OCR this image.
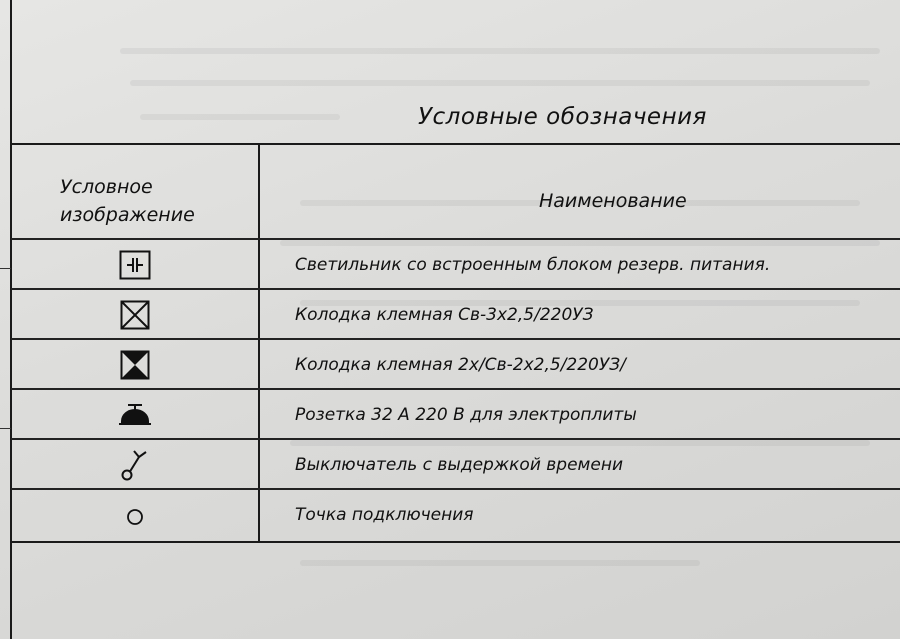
Условные обозначения
Условное
изображение
Наименование
Светильник со встроенным блоком резерв. питания.
Колодка клемная Св-3х2,5/220УЗ
Колодка клемная 2х/Св-2х2,5/220УЗ/
Розетка 32 А 220 В для электроплиты
Выключатель с выдержкой времени
Точка подключения
